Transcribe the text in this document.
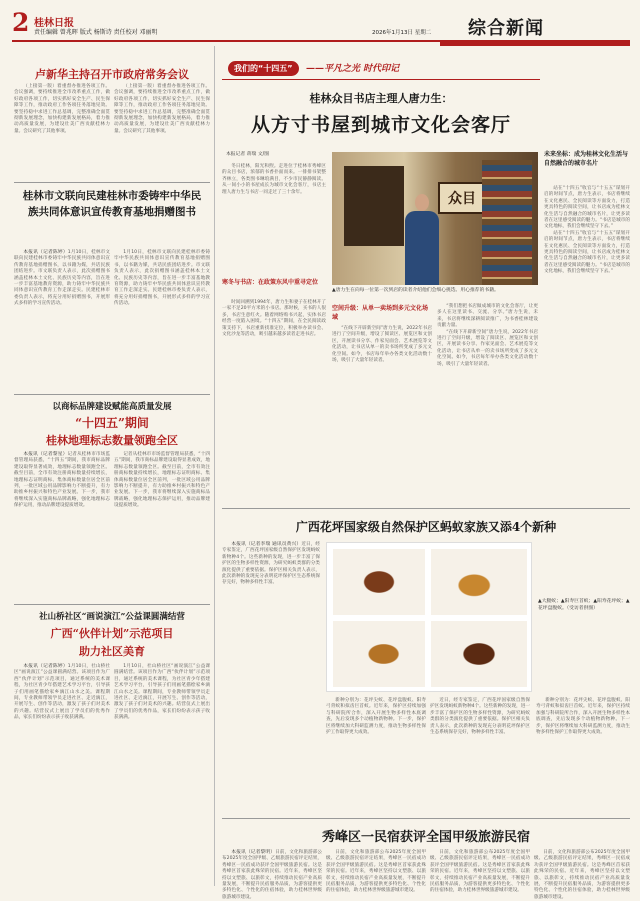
2 桂林日报
责任编辑 曾兆晖 版式 杨斯诗 责任校对 邓丽明	2026年1月13日 星期二 综合新闻
卢新华主持召开市政府常务会议

（上接第一版）着重督办推进各项工作。会议强调，要持续推进全市改革重点工作，做好政府各项工作，切实抓好安全生产、民生保障等工作，推动政府工作各项任务落地见效。要坚持稳中求进工作总基调，完整准确全面贯彻新发展理念，加快构建新发展格局，着力推动高质量发展，为建设壮美广西贡献桂林力量。会议研究了其他事项。

（上接第一版）着重督办推进各项工作。会议强调，要持续推进全市改革重点工作，做好政府各项工作，切实抓好安全生产、民生保障等工作，推动政府工作各项任务落地见效。要坚持稳中求进工作总基调，完整准确全面贯彻新发展理念，加快构建新发展格局，着力推动高质量发展，为建设壮美广西贡献桂林力量。会议研究了其他事项。

桂林市文联向民建桂林市委铸牢中华民族共同体意识宣传教育基地捐赠图书

本报讯（记者陈婷）1月10日，桂林市文联向民建桂林市委铸牢中华民族共同体意识宣传教育基地捐赠图书，以书籍为媒，共话民族团结进步。市文联负责人表示，此次捐赠图书涵盖桂林本土文化、民族历史等内容，旨在进一步丰富基地教育资源，助力铸牢中华民族共同体意识宣传教育工作走深走实。民建桂林市委负责人表示，将充分用好捐赠图书，开展形式多样的学习宣传活动。

1月10日，桂林市文联向民建桂林市委铸牢中华民族共同体意识宣传教育基地捐赠图书，以书籍为媒，共话民族团结进步。市文联负责人表示，此次捐赠图书涵盖桂林本土文化、民族历史等内容，旨在进一步丰富基地教育资源，助力铸牢中华民族共同体意识宣传教育工作走深走实。民建桂林市委负责人表示，将充分用好捐赠图书，开展形式多样的学习宣传活动。

以商标品牌建设赋能高质量发展
“十四五”期间
桂林地理标志数量领跑全区

本报讯（记者黎星）记者从桂林市市场监督管理局获悉，“十四五”期间，我市商标品牌建设取得显著成效，地理标志数量领跑全区。截至目前，全市有效注册商标数量持续增长，地理标志证明商标、集体商标数量位居全区前列，一批区域公用品牌影响力不断提升，有力助推乡村振兴和特色产业发展。下一步，我市将继续深入实施商标品牌战略，强化地理标志保护运用，推动品牌建设提质增效。

记者从桂林市市场监督管理局获悉，“十四五”期间，我市商标品牌建设取得显著成效，地理标志数量领跑全区。截至目前，全市有效注册商标数量持续增长，地理标志证明商标、集体商标数量位居全区前列，一批区域公用品牌影响力不断提升，有力助推乡村振兴和特色产业发展。下一步，我市将继续深入实施商标品牌战略，强化地理标志保护运用，推动品牌建设提质增效。

社山桥社区“画说演江”公益课圆满结营
广西“伙伴计划”示范项目
助力社区美育

本报讯（记者陈婷）1月10日，社山桥社区“画说演江”公益课圆满结营。该项目作为广西“伙伴计划”示范项目，通过系统的美术课程，为社区青少年搭建艺术学习平台，引导孩子们用画笔描绘家乡漓江山水之美。课程期间，专业教师带领学员走进社区、走近漓江，开展写生、创作等活动，激发了孩子们对美术的兴趣。结营仪式上展出了学员们的优秀作品，家长们纷纷表示孩子收获满满。

1月10日，社山桥社区“画说演江”公益课圆满结营。该项目作为广西“伙伴计划”示范项目，通过系统的美术课程，为社区青少年搭建艺术学习平台，引导孩子们用画笔描绘家乡漓江山水之美。课程期间，专业教师带领学员走进社区、走近漓江，开展写生、创作等活动，激发了孩子们对美术的兴趣。结营仪式上展出了学员们的优秀作品，家长们纷纷表示孩子收获满满。

我们的“十四五”	——平凡之光 时代印记
桂林众目书店主理人唐力生：
从方寸书屋到城市文化会客厅
本报记者 蒋瑞 文/图

冬日桂林，阳光和煦。走进位于桂林市秀峰区的众目书店，浓郁的书香扑面而来。一排排书架整齐林立，各类图书琳琅满目，不少市民静静阅读。从一间小小的书屋成长为城市文化会客厅，书店主理人唐力生与书店一同走过了三十余年。

寒冬与书店：在政策东风中重寻定位

时间回溯到1994年，唐力生和妻子在桂林开了一家不足20平方米的小书店。那时候，买书的人很多，书店生意红火。随着网络购书兴起，实体书店经营一度陷入困境。“十四五”期间，在全民阅读政策支持下，书店重新找准定位，积极举办读书会、文化沙龙等活动，吸引越来越多读者走进书店。

众目
▲唐力生在向每一位第一次到店的读者介绍他们会细心挑选、用心推荐的书籍。
空间升级：从单一卖场到多元文化场域

“在线下开辟新空间”唐力生说，2022年书店进行了空间升级，增设了阅读区、展览区和文创区，开展读书分享、作家见面会、艺术展览等文化活动，让书店从单一的卖书场所变成了多元文化空间。如今，书店每年举办各类文化活动数十场，吸引了大量年轻读者。

“我们想把书店做成城市的文化会客厅，让更多人在这里读书、交流、分享。”唐力生说，未来，书店将继续深耕阅读推广，为书香桂林建设贡献力量。

“在线下开辟新空间”唐力生说，2022年书店进行了空间升级，增设了阅读区、展览区和文创区，开展读书分享、作家见面会、艺术展览等文化活动，让书店从单一的卖书场所变成了多元文化空间。如今，书店每年举办各类文化活动数十场，吸引了大量年轻读者。

未来坐标：成为桂林文化生活与自然融合的城市名片

站在“十四五”收官与“十五五”谋划开启的时间节点，唐力生表示，书店将继续在文化惠民、全民阅读等方面发力，打造更具特色的阅读空间，让书店成为桂林文化生活与自然融合的城市名片，让更多读者在这里感受阅读的魅力。“书店是城市的文化地标，我们会继续坚守下去。”

站在“十四五”收官与“十五五”谋划开启的时间节点，唐力生表示，书店将继续在文化惠民、全民阅读等方面发力，打造更具特色的阅读空间，让书店成为桂林文化生活与自然融合的城市名片，让更多读者在这里感受阅读的魅力。“书店是城市的文化地标，我们会继续坚守下去。”

广西花坪国家级自然保护区蚂蚁家族又添4个新种

本报讯（记者李瑞 通讯员黄兴）近日，经专家鉴定，广西花坪国家级自然保护区发现蚂蚁新物种4个。这些新种的发现，进一步丰富了保护区的生物多样性资源，为研究蚂蚁类群的分类演化提供了重要依据。保护区相关负责人表示，此次新种的发现充分表明花坪保护区生态系统保存完好，物种多样性丰富。

▲大腿蚁；▲阳寿巨首蚁；▲阳寿花坪蚁；▲花坪盘腹蚁。（受访者供图）

新种分别为：花坪尖蚁、花坪盘腹蚁、阳寿弓背蚁和拟齿巨首蚁。近年来，保护区持续加强与科研院所合作，深入开展生物多样性本底调查，先后发现多个动植物新物种。下一步，保护区将继续加大科研监测力度，推动生物多样性保护工作取得更大成效。

近日，经专家鉴定，广西花坪国家级自然保护区发现蚂蚁新物种4个。这些新种的发现，进一步丰富了保护区的生物多样性资源，为研究蚂蚁类群的分类演化提供了重要依据。保护区相关负责人表示，此次新种的发现充分表明花坪保护区生态系统保存完好，物种多样性丰富。

新种分别为：花坪尖蚁、花坪盘腹蚁、阳寿弓背蚁和拟齿巨首蚁。近年来，保护区持续加强与科研院所合作，深入开展生物多样性本底调查，先后发现多个动植物新物种。下一步，保护区将继续加大科研监测力度，推动生物多样性保护工作取得更大成效。

秀峰区一民宿获评全国甲级旅游民宿

本报讯（记者黎明）日前，文化和旅游部公布2025年度全国甲级、乙级旅游民宿评定结果，秀峰区一民宿成功获评全国甲级旅游民宿。这是秀峰区首家获此殊荣的民宿。近年来，秀峰区坚持以文塑旅、以旅彰文，持续推动民宿产业高质量发展，不断提升民宿服务品质，为游客提供更多特色化、个性化的住宿体验，助力桂林世界级旅游城市建设。

日前，文化和旅游部公布2025年度全国甲级、乙级旅游民宿评定结果，秀峰区一民宿成功获评全国甲级旅游民宿。这是秀峰区首家获此殊荣的民宿。近年来，秀峰区坚持以文塑旅、以旅彰文，持续推动民宿产业高质量发展，不断提升民宿服务品质，为游客提供更多特色化、个性化的住宿体验，助力桂林世界级旅游城市建设。

日前，文化和旅游部公布2025年度全国甲级、乙级旅游民宿评定结果，秀峰区一民宿成功获评全国甲级旅游民宿。这是秀峰区首家获此殊荣的民宿。近年来，秀峰区坚持以文塑旅、以旅彰文，持续推动民宿产业高质量发展，不断提升民宿服务品质，为游客提供更多特色化、个性化的住宿体验，助力桂林世界级旅游城市建设。

日前，文化和旅游部公布2025年度全国甲级、乙级旅游民宿评定结果，秀峰区一民宿成功获评全国甲级旅游民宿。这是秀峰区首家获此殊荣的民宿。近年来，秀峰区坚持以文塑旅、以旅彰文，持续推动民宿产业高质量发展，不断提升民宿服务品质，为游客提供更多特色化、个性化的住宿体验，助力桂林世界级旅游城市建设。
